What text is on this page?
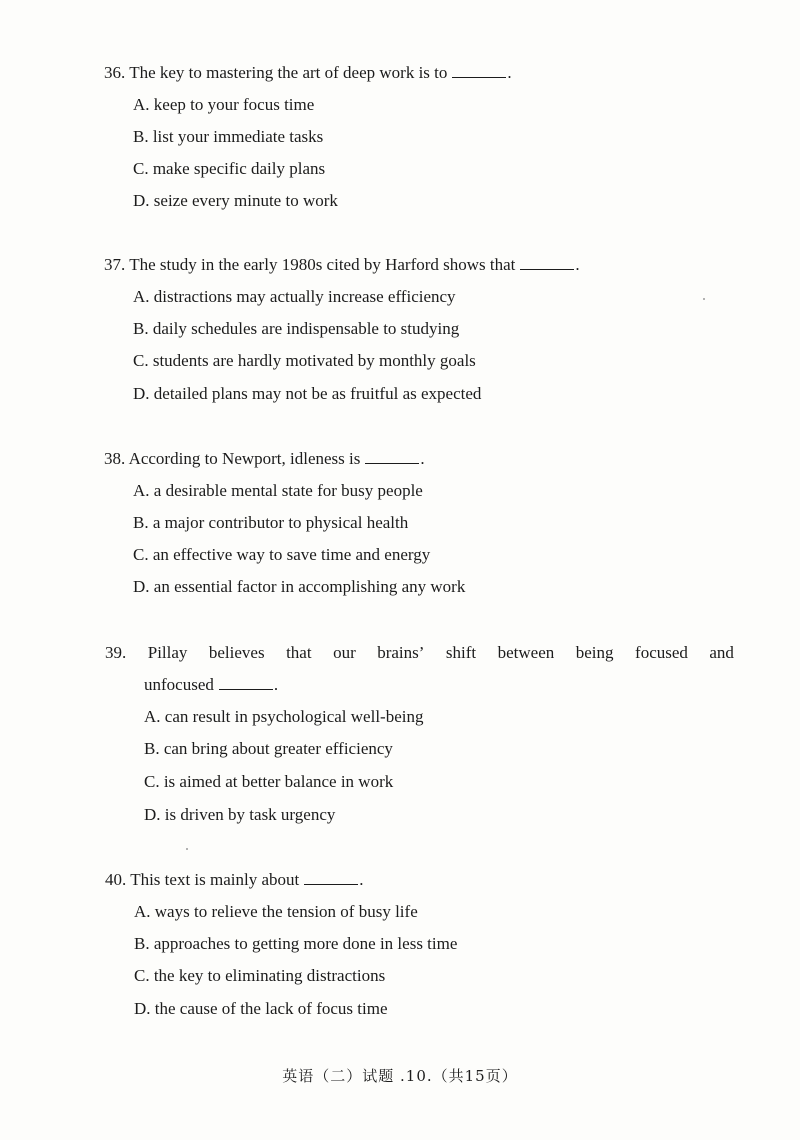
36. The key to mastering the art of deep work is to	.
A. keep to your focus time
B. list your immediate tasks
C. make specific daily plans
D. seize every minute to work
37. The study in the early 1980s cited by Harford shows that	.
A. distractions may actually increase efficiency
B. daily schedules are indispensable to studying
C. students are hardly motivated by monthly goals
D. detailed plans may not be as fruitful as expected
38. According to Newport, idleness is	.
A. a desirable mental state for busy people
B. a major contributor to physical health
C. an effective way to save time and energy
D. an essential factor in accomplishing any work
39. Pillay believes that our brains’ shift between being focused and
unfocused	.
A. can result in psychological well-being
B. can bring about greater efficiency
C. is aimed at better balance in work
D. is driven by task urgency
40. This text is mainly about	.
A. ways to relieve the tension of busy life
B. approaches to getting more done in less time
C. the key to eliminating distractions
D. the cause of the lack of focus time
英语（二）试题 .10.（共15页）
